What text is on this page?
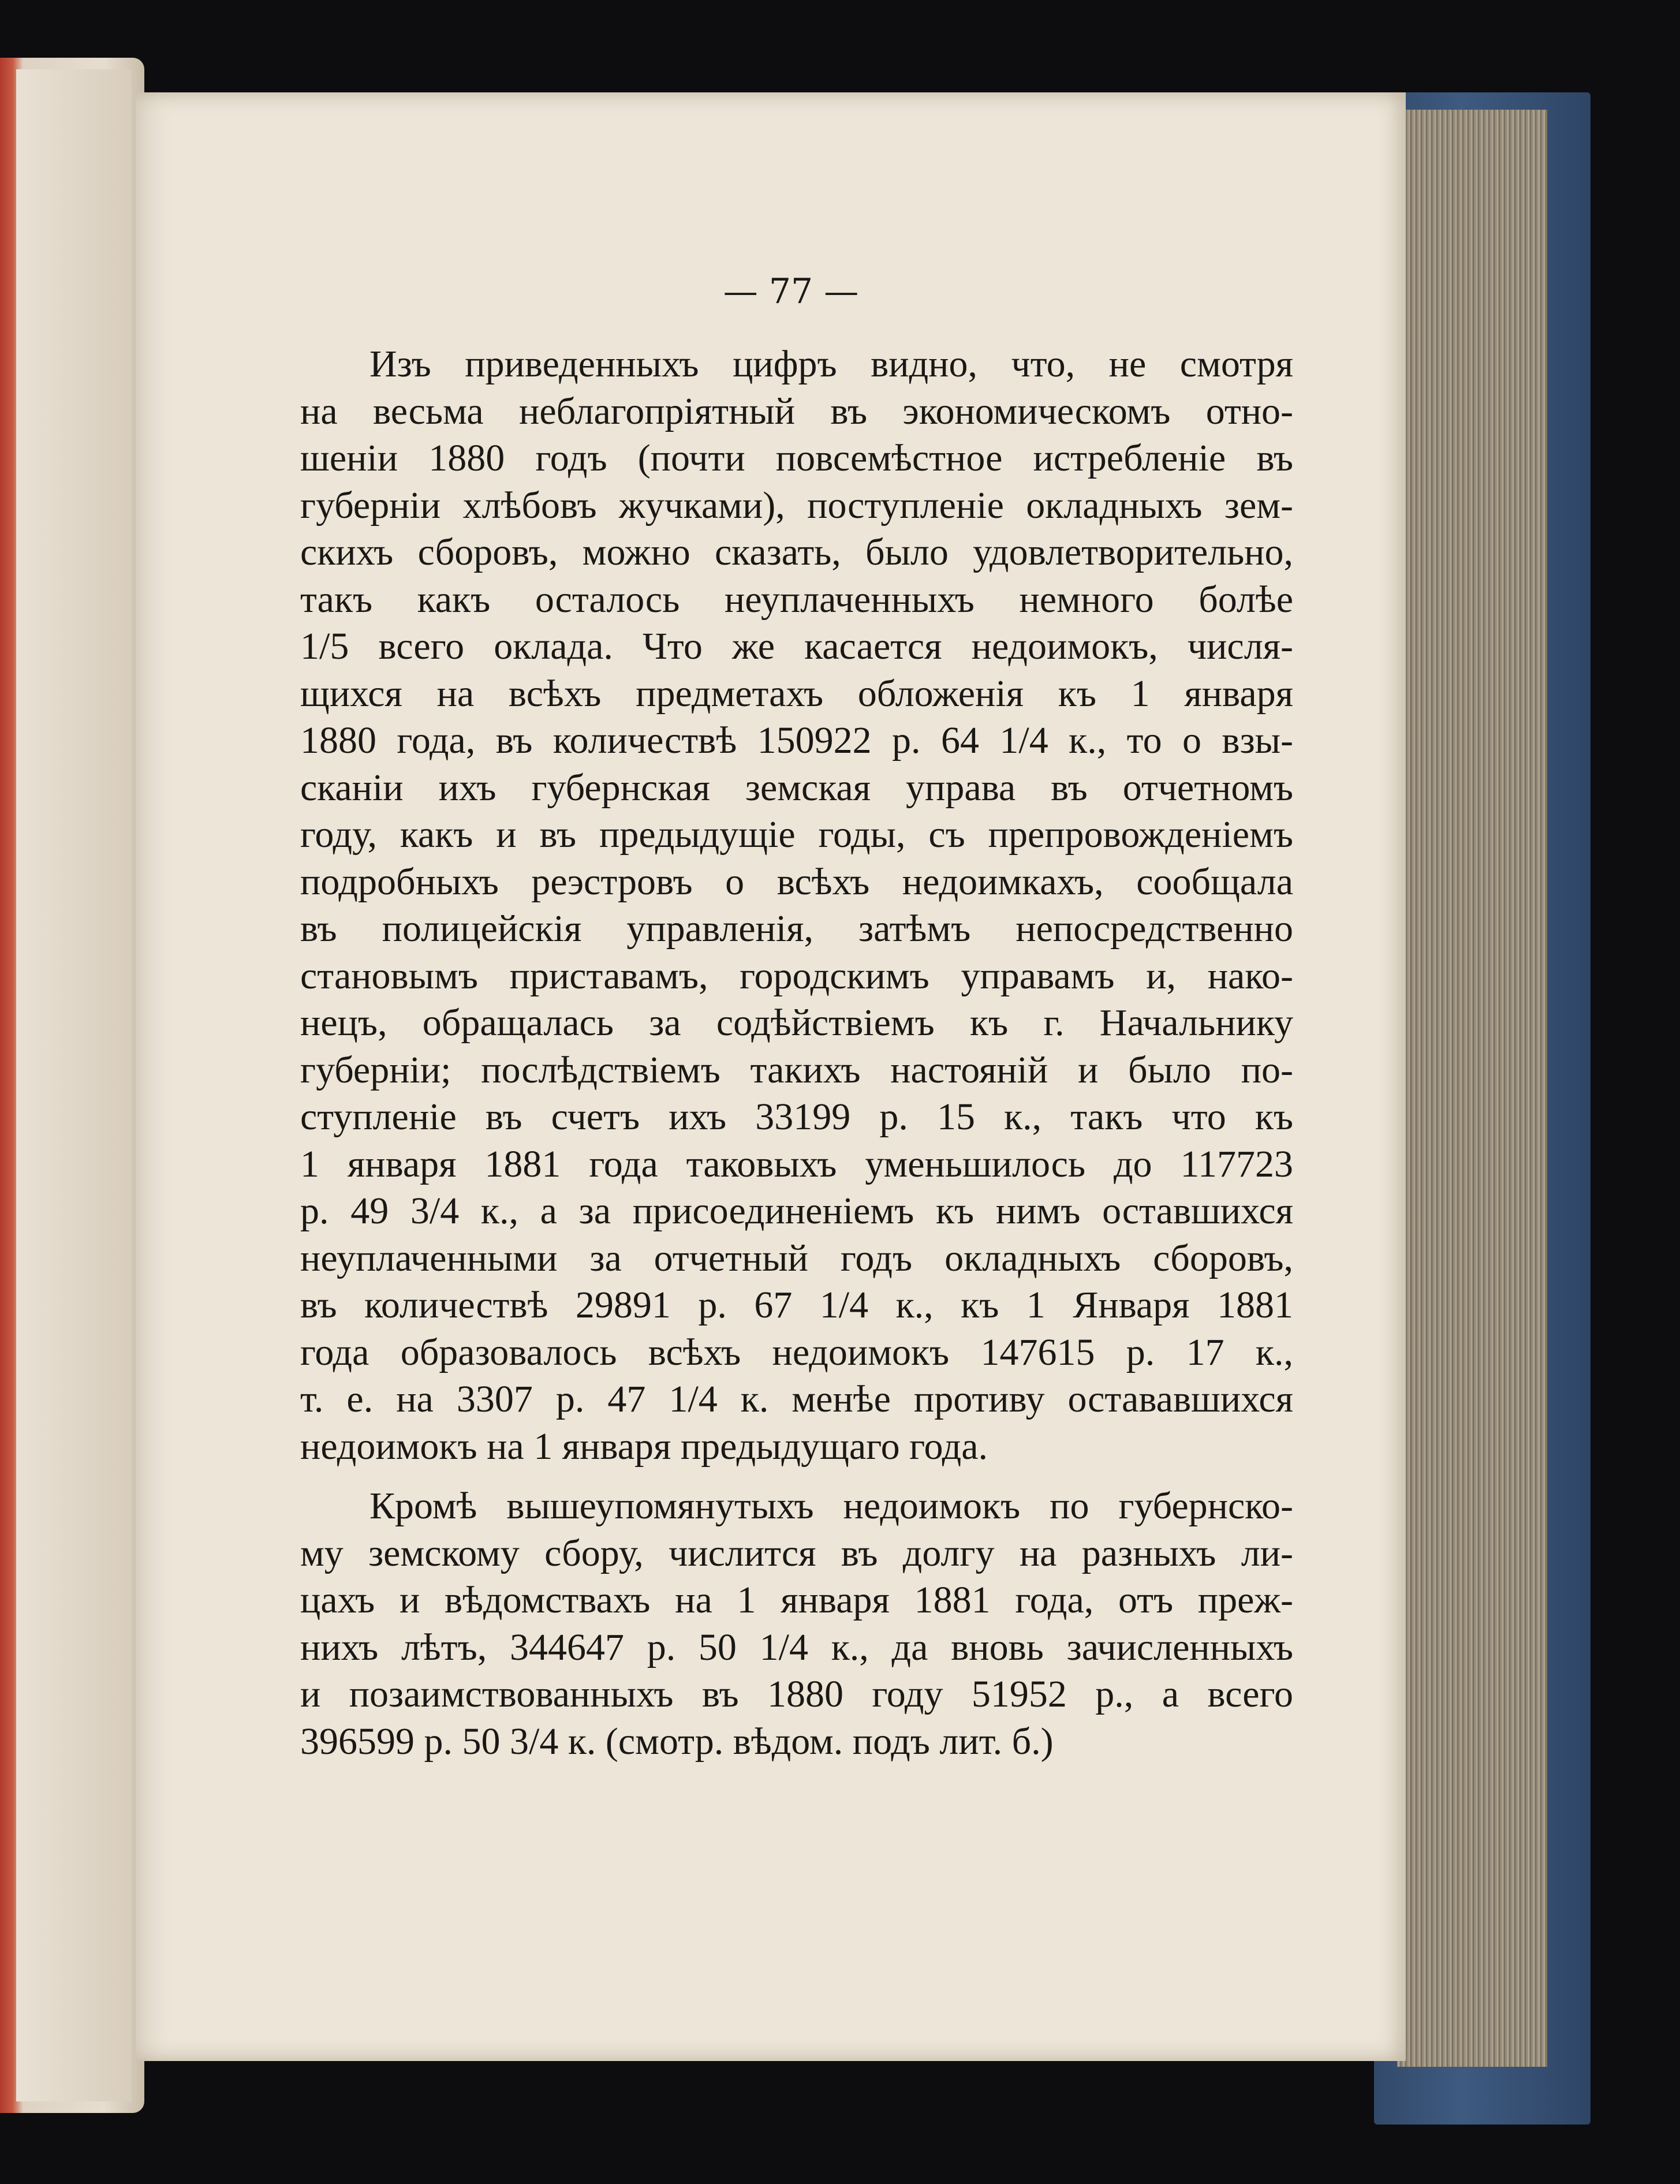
— 77 —
Изъ приведенныхъ цифръ видно, что, не смотря
на весьма неблагопріятный въ экономическомъ отно-
шеніи 1880 годъ (почти повсемѣстное истребленіе въ
губерніи хлѣбовъ жучками), поступленіе окладныхъ зем-
скихъ сборовъ, можно сказать, было удовлетворительно,
такъ какъ осталось неуплаченныхъ немного болѣе
1/5 всего оклада. Что же касается недоимокъ, числя-
щихся на всѣхъ предметахъ обложенія къ 1 января
1880 года, въ количествѣ 150922 р. 64 1/4 к., то о взы-
сканіи ихъ губернская земская управа въ отчетномъ
году, какъ и въ предыдущіе годы, съ препровожденіемъ
подробныхъ реэстровъ о всѣхъ недоимкахъ, сообщала
въ полицейскія управленія, затѣмъ непосредственно
становымъ приставамъ, городскимъ управамъ и, нако-
нецъ, обращалась за содѣйствіемъ къ г. Начальнику
губерніи; послѣдствіемъ такихъ настояній и было по-
ступленіе въ счетъ ихъ 33199 р. 15 к., такъ что къ
1 января 1881 года таковыхъ уменьшилось до 117723
р. 49 3/4 к., а за присоединеніемъ къ нимъ оставшихся
неуплаченными за отчетный годъ окладныхъ сборовъ,
въ количествѣ 29891 р. 67 1/4 к., къ 1 Января 1881
года образовалось всѣхъ недоимокъ 147615 р. 17 к.,
т. е. на 3307 р. 47 1/4 к. менѣе противу остававшихся
недоимокъ на 1 января предыдущаго года.
Кромѣ вышеупомянутыхъ недоимокъ по губернско-
му земскому сбору, числится въ долгу на разныхъ ли-
цахъ и вѣдомствахъ на 1 января 1881 года, отъ преж-
нихъ лѣтъ, 344647 р. 50 1/4 к., да вновь зачисленныхъ
и позаимствованныхъ въ 1880 году 51952 р., а всего
396599 р. 50 3/4 к. (смотр. вѣдом. подъ лит. б.)
